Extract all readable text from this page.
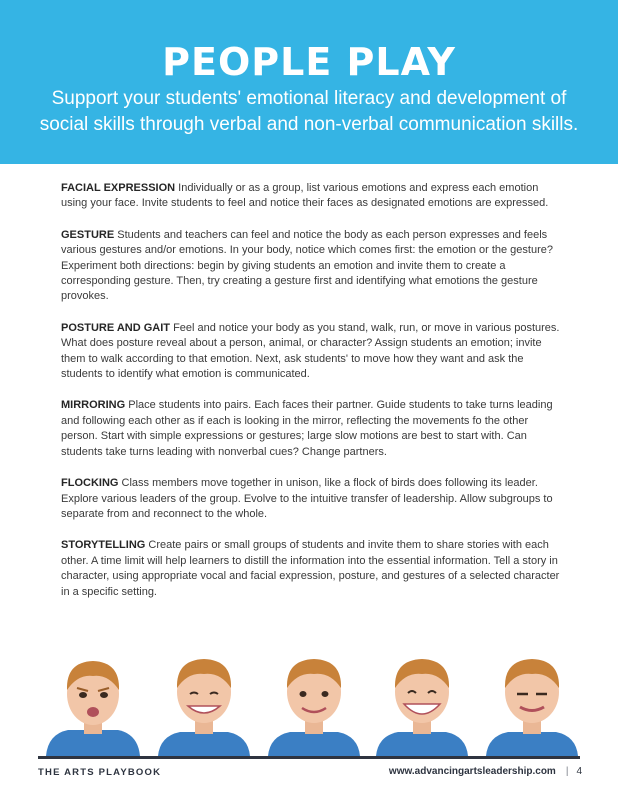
PEOPLE PLAY

Support your students' emotional literacy and development of
social skills through verbal and non-verbal communication skills.

FACIAL EXPRESSION Individually or as a group, list various emotions and express each emotion using your face. Invite students to feel and notice their faces as designated emotions are expressed.

GESTURE Students and teachers can feel and notice the body as each person expresses and feels various gestures and/or emotions. In your body, notice which comes first: the emotion or the gesture? Experiment both directions: begin by giving students an emotion and invite them to create a corresponding gesture. Then, try creating a gesture first and identifying what emotions the gesture provokes.

POSTURE AND GAIT Feel and notice your body as you stand, walk, run, or move in various postures. What does posture reveal about a person, animal, or character? Assign students an emotion; invite them to walk according to that emotion. Next, ask students' to move how they want and ask the students to identify what emotion is communicated.

MIRRORING Place students into pairs. Each faces their partner. Guide students to take turns leading and following each other as if each is looking in the mirror, reflecting the movements fo the other person. Start with simple expressions or gestures; large slow motions are best to start with. Can students take turns leading with nonverbal cues? Change partners.

FLOCKING Class members move together in unison, like a flock of birds does following its leader. Explore various leaders of the group. Evolve to the intuitive transfer of leadership. Allow subgroups to separate from and reconnect to the whole.

STORYTELLING Create pairs or small groups of students and invite them to share stories with each other. A time limit will help learners to distill the information into the essential information. Tell a story in character, using appropriate vocal and facial expression, posture, and gestures of a selected character in a specific setting.

THE ARTS PLAYBOOK	www.advancingartsleadership.com | 4
